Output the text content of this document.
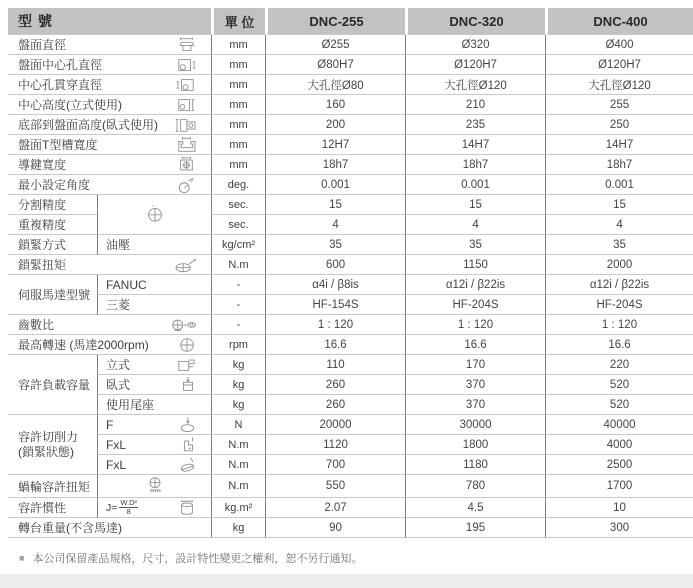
型 號		單 位	DNC-255	DNC-320	DNC-400

盤面直徑		mm	Ø255	Ø320	Ø400

盤面中心孔直徑		mm	Ø80H7	Ø120H7	Ø120H7

中心孔貫穿直徑		mm	大孔徑Ø80	大孔徑Ø120	大孔徑Ø120

中心高度(立式使用)		mm	160	210	255

底部到盤面高度(臥式使用)		mm	200	235	250

盤面T型槽寬度		mm	12H7	14H7	14H7

導鍵寬度		mm	18h7	18h7	18h7

最小設定角度		deg.	0.001	0.001	0.001
分割精度	+ -	sec.	15	15	15
重複精度		sec.	4	4	4
鎖緊方式	油壓	kg/cm²	35	35	35

鎖緊扭矩		N.m	600	1150	2000
伺服馬達型號	FANUC	-	α4i / β8is	α12i / β22is	α12i / β22is
	三菱	-	HF-154S	HF-204S	HF-204S

齒數比		-	1 : 120	1 : 120	1 : 120

最高轉速 (馬達2000rpm)		rpm	16.6	16.6	16.6
容許負載容量	立式	kg	110	170	220

	臥式	kg	260	370	520
	使用尾座	kg	260	370	520

容許切削力
(鎖緊狀態)	F	N	20000	30000	40000

	FxL	N.m	1120	1800	4000

	FxL	N.m	700	1180	2500
蝸輪容許扭矩		N.m	550	780	1700
容許慣性	$J= \frac{\text{W.D²}}{8}$	kg.m²	2.07	4.5	10
轉台重量(不含馬達)		kg	90	195	300
■ 本公司保留產品規格，尺寸，設計特性變更之權利，恕不另行通知。
